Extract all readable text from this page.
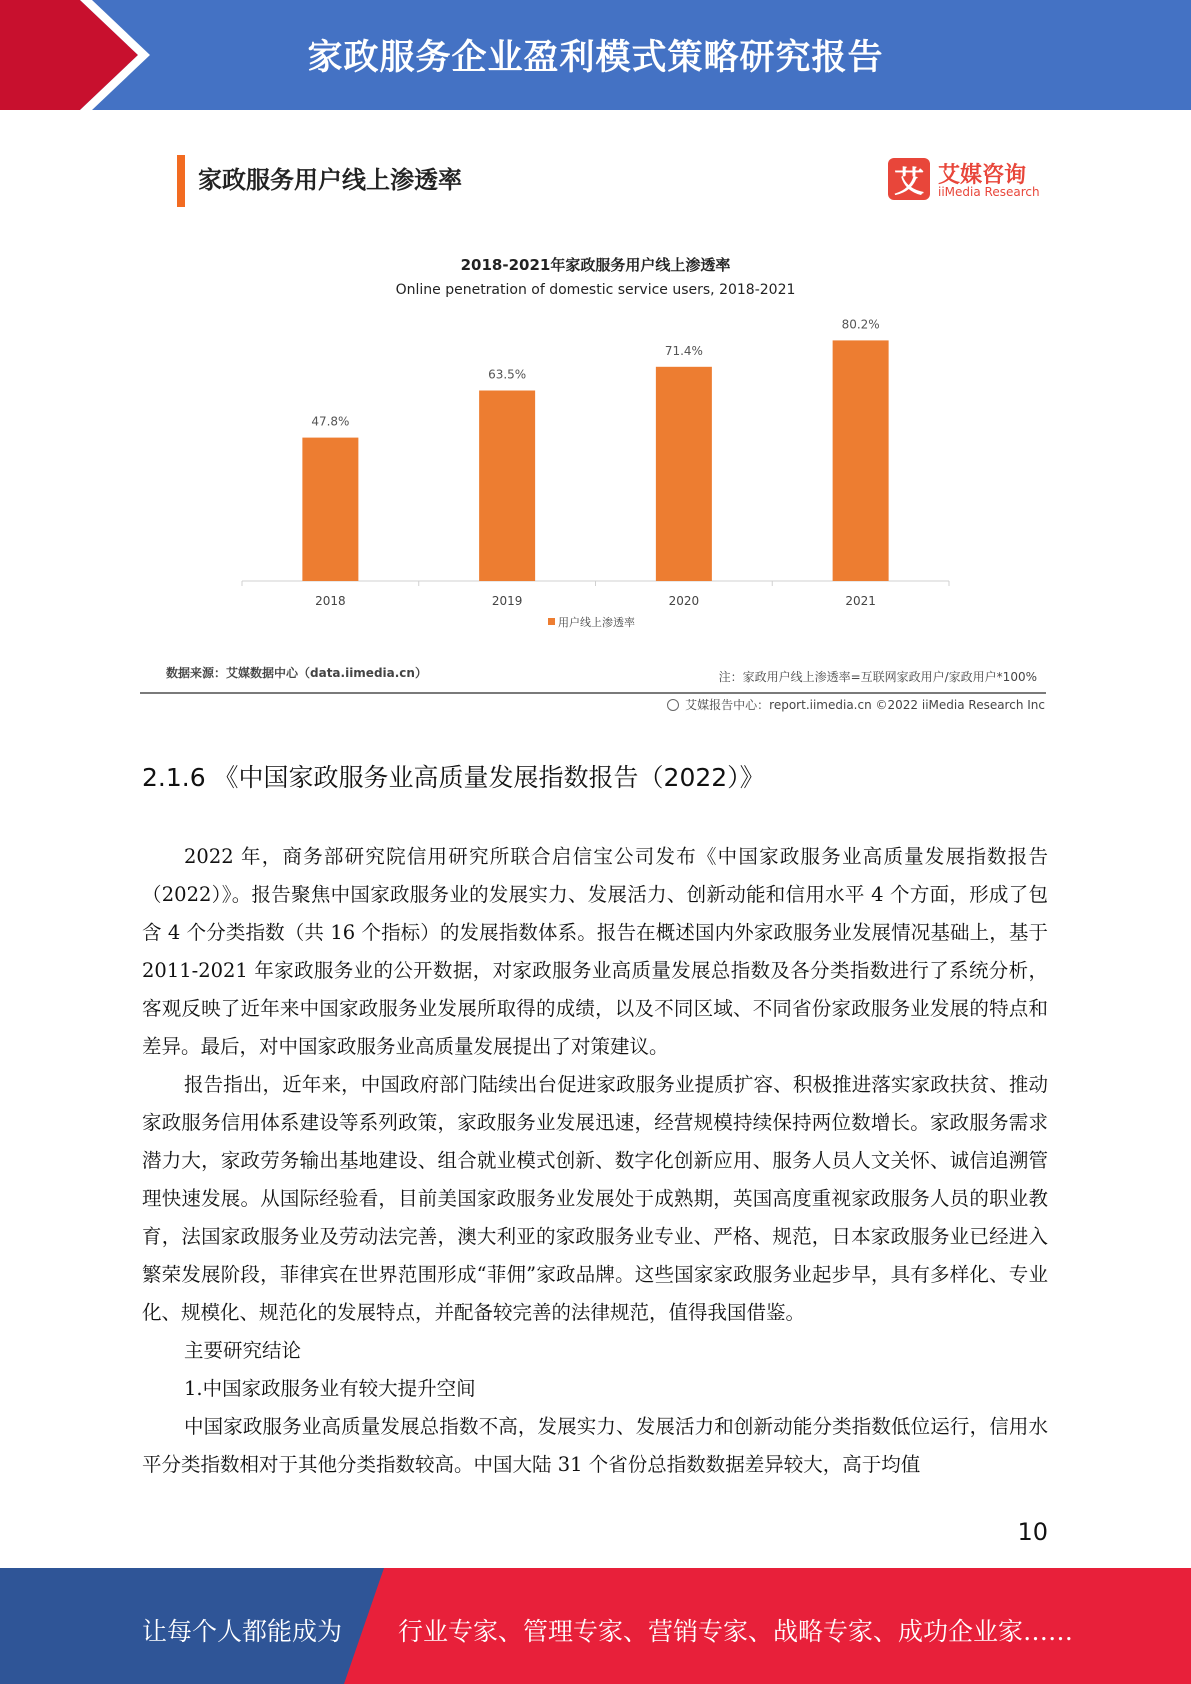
家政服务企业盈利模式策略研究报告
家政服务用户线上渗透率	艾 艾媒咨询
iiMedia Research
2018-2021年家政服务用户线上渗透率
Online penetration of domestic service users, 2018-2021
47.8%
2018
63.5%
2019
71.4%
2020
80.2%
2021
用户线上渗透率
数据来源：艾媒数据中心（data.iimedia.cn）	注：家政用户线上渗透率=互联网家政用户/家政用户*100%
艾媒报告中心：report.iimedia.cn ©2022 iiMedia Research Inc
2.1.6 《中国家政服务业高质量发展指数报告（2022）》

2022 年，商务部研究院信用研究所联合启信宝公司发布《中国家政服务业高质量发展指数报告（2022）》。报告聚焦中国家政服务业的发展实力、发展活力、创新动能和信用水平 4 个方面，形成了包含 4 个分类指数（共 16 个指标）的发展指数体系。报告在概述国内外家政服务业发展情况基础上，基于 2011-2021 年家政服务业的公开数据，对家政服务业高质量发展总指数及各分类指数进行了系统分析，客观反映了近年来中国家政服务业发展所取得的成绩，以及不同区域、不同省份家政服务业发展的特点和差异。最后，对中国家政服务业高质量发展提出了对策建议。

报告指出，近年来，中国政府部门陆续出台促进家政服务业提质扩容、积极推进落实家政扶贫、推动家政服务信用体系建设等系列政策，家政服务业发展迅速，经营规模持续保持两位数增长。家政服务需求潜力大，家政劳务输出基地建设、组合就业模式创新、数字化创新应用、服务人员人文关怀、诚信追溯管理快速发展。从国际经验看，目前美国家政服务业发展处于成熟期，英国高度重视家政服务人员的职业教育，法国家政服务业及劳动法完善，澳大利亚的家政服务业专业、严格、规范，日本家政服务业已经进入繁荣发展阶段，菲律宾在世界范围形成“菲佣”家政品牌。这些国家家政服务业起步早，具有多样化、专业化、规模化、规范化的发展特点，并配备较完善的法律规范，值得我国借鉴。

主要研究结论

1.中国家政服务业有较大提升空间

中国家政服务业高质量发展总指数不高，发展实力、发展活力和创新动能分类指数低位运行，信用水平分类指数相对于其他分类指数较高。中国大陆 31 个省份总指数数据差异较大，高于均值

10
让每个人都能成为 行业专家、管理专家、营销专家、战略专家、成功企业家……
